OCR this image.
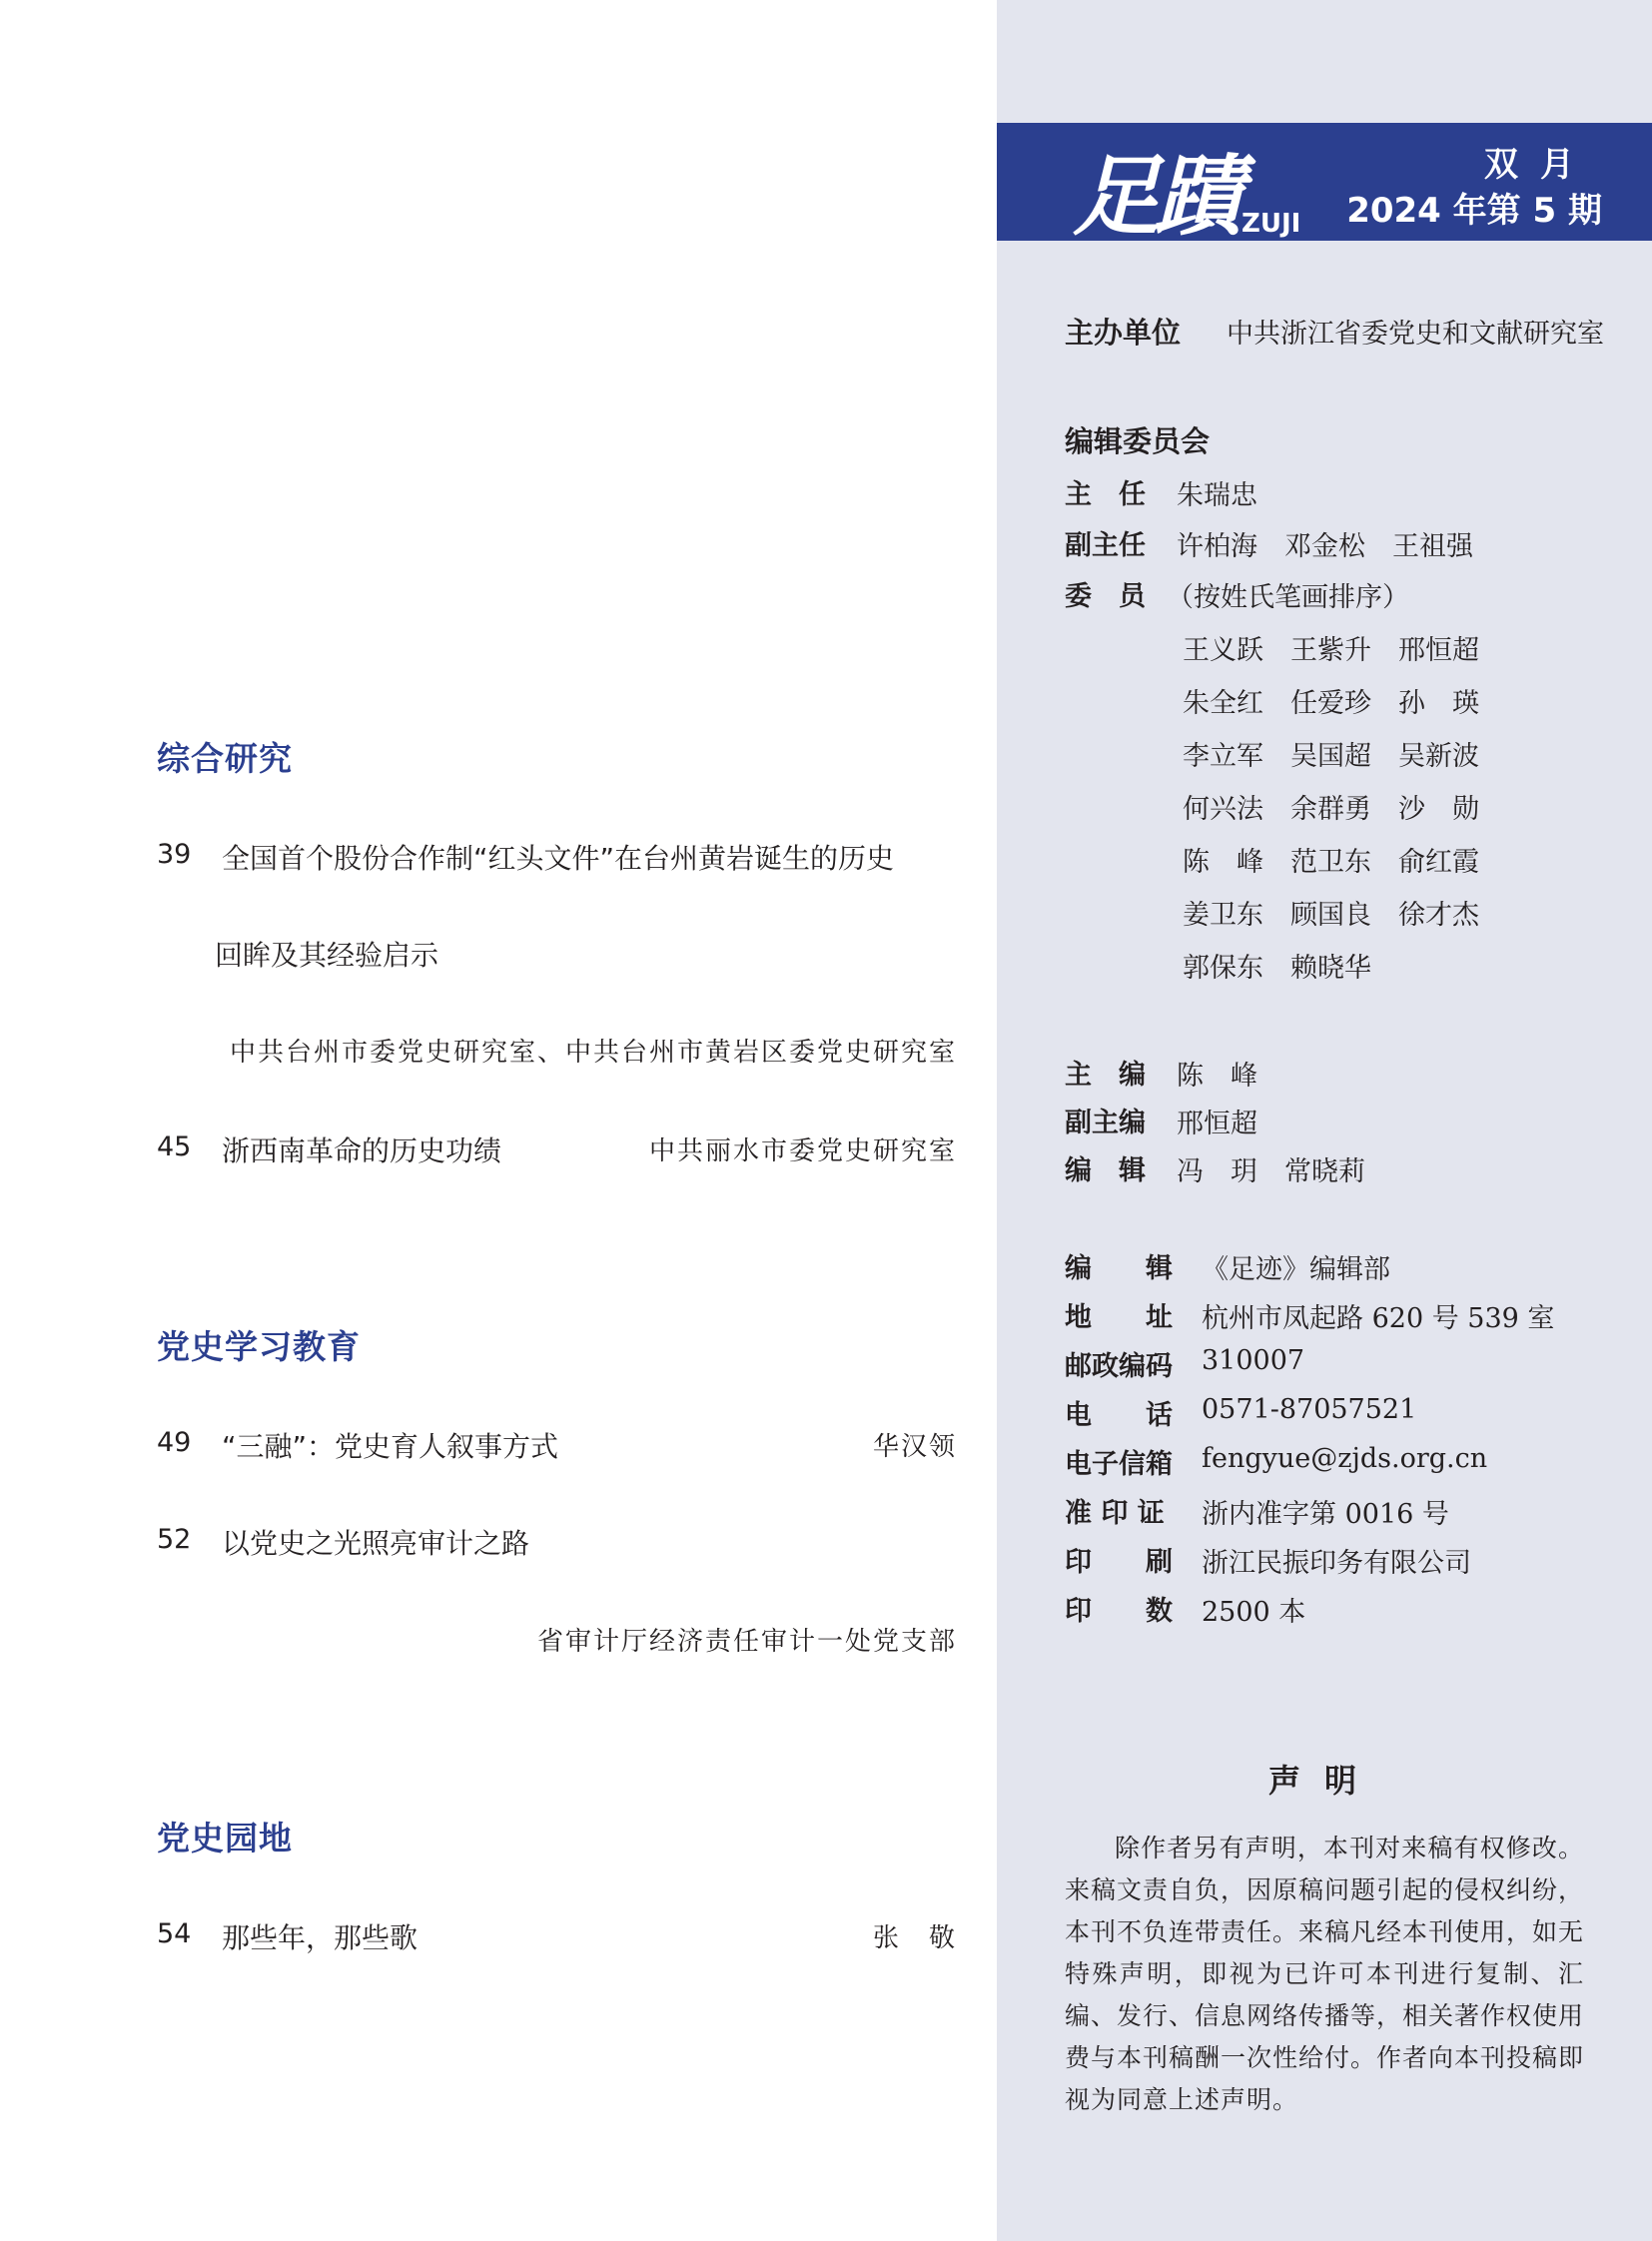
综合研究
39 全国首个股份合作制“红头文件”在台州黄岩诞生的历史
回眸及其经验启示
中共台州市委党史研究室、中共台州市黄岩区委党史研究室
45 浙西南革命的历史功绩	中共丽水市委党史研究室
党史学习教育
49 “三融”：党史育人叙事方式	华汉领
52 以党史之光照亮审计之路
省审计厅经济责任审计一处党支部
党史园地
54 那些年，那些歌	张　敬
足蹟 ZUJI
双月
2024 年第 5 期
主办单位 中共浙江省委党史和文献研究室
编辑委员会
主　任 朱瑞忠
副主任 许柏海　邓金松　王祖强
委　员 （按姓氏笔画排序）
王义跃　王紫升　邢恒超
朱全红　任爱珍　孙　瑛
李立军　吴国超　吴新波
何兴法　余群勇　沙　勋
陈　峰　范卫东　俞红霞
姜卫东　顾国良　徐才杰
郭保东　赖晓华
主　编 陈　峰
副主编 邢恒超
编　辑 冯　玥　常晓莉
编　　辑 《足迹》编辑部
地　　址 杭州市凤起路 620 号 539 室
邮政编码 310007
电　　话 0571-87057521
电子信箱 fengyue@zjds.org.cn
准 印 证 浙内准字第 0016 号
印　　刷 浙江民振印务有限公司
印　　数 2500 本
声明
除作者另有声明，本刊对来稿有权修改。来稿文责自负，因原稿问题引起的侵权纠纷，本刊不负连带责任。来稿凡经本刊使用，如无特殊声明，即视为已许可本刊进行复制、汇编、发行、信息网络传播等，相关著作权使用费与本刊稿酬一次性给付。作者向本刊投稿即视为同意上述声明。
